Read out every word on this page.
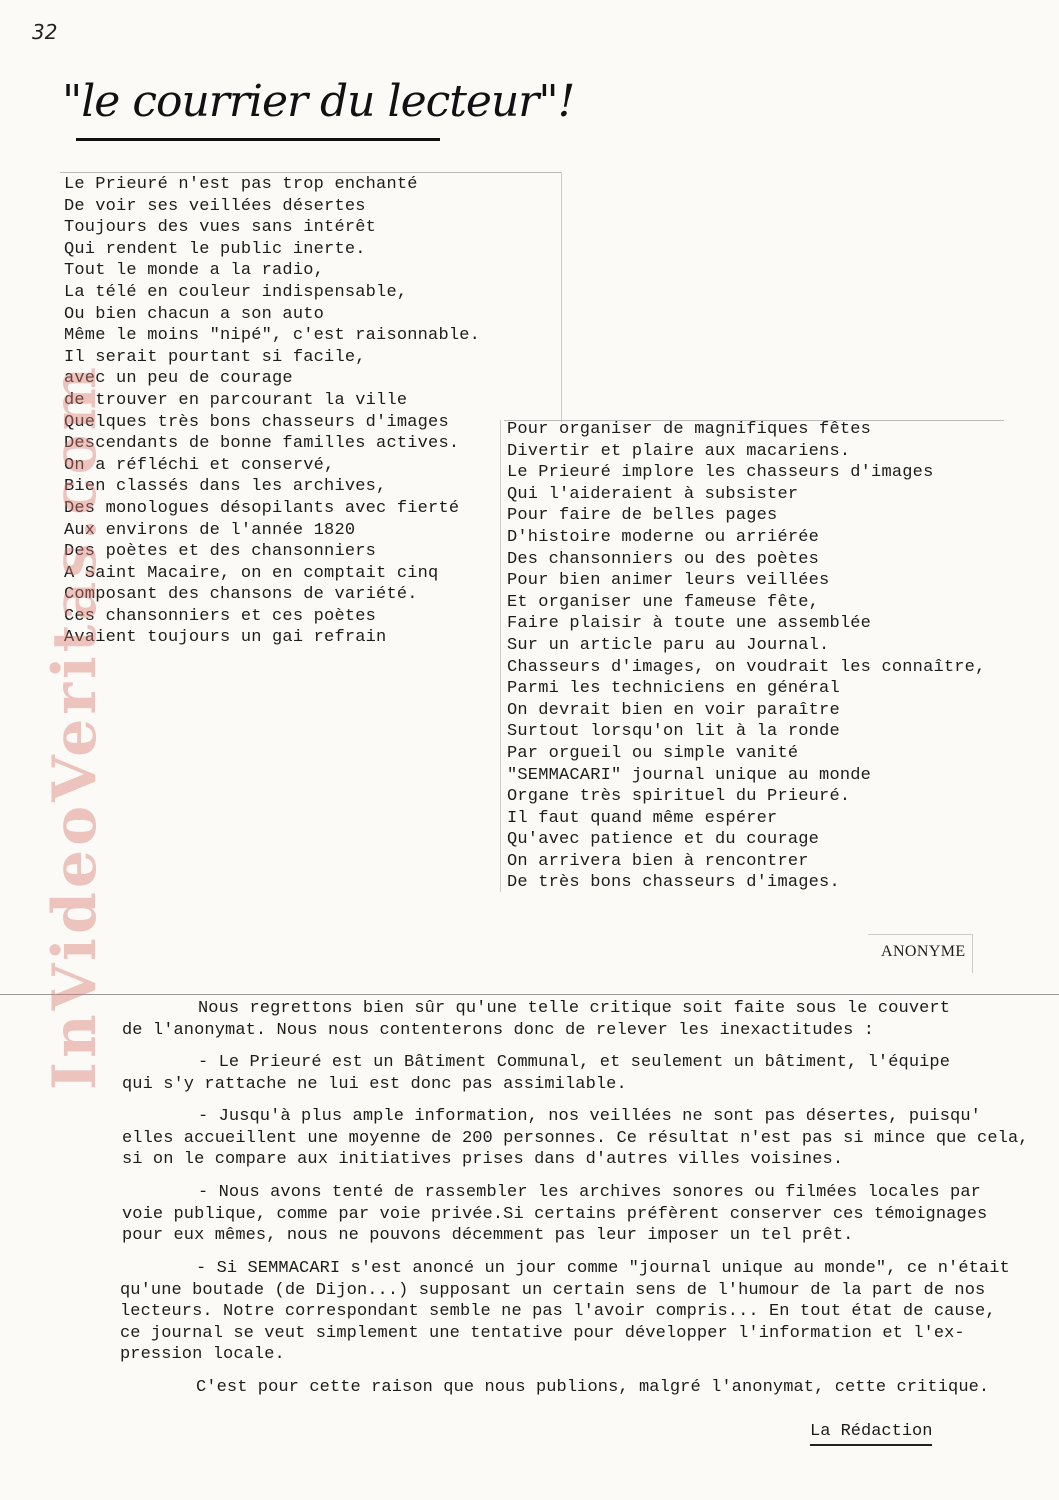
32
"le courrier du lecteur"!
Le Prieuré n'est pas trop enchanté
De voir ses veillées désertes
Toujours des vues sans intérêt
Qui rendent le public inerte.
Tout le monde a la radio,
La télé en couleur indispensable,
Ou bien chacun a son auto
Même le moins "nipé", c'est raisonnable.
Il serait pourtant si facile,
avec un peu de courage
de trouver en parcourant la ville
Quelques très bons chasseurs d'images
Descendants de bonne familles actives.
On a réfléchi et conservé,
Bien classés dans les archives,
Des monologues désopilants avec fierté
Aux environs de l'année 1820
Des poètes et des chansonniers
A Saint Macaire, on en comptait cinq
Composant des chansons de variété.
Ces chansonniers et ces poètes
Avaient toujours un gai refrain
Pour organiser de magnifiques fêtes
Divertir et plaire aux macariens.
Le Prieuré implore les chasseurs d'images
Qui l'aideraient à subsister
Pour faire de belles pages
D'histoire moderne ou arriérée
Des chansonniers ou des poètes
Pour bien animer leurs veillées
Et organiser une fameuse fête,
Faire plaisir à toute une assemblée
Sur un article paru au Journal.
Chasseurs d'images, on voudrait les connaître,
Parmi les techniciens en général
On devrait bien en voir paraître
Surtout lorsqu'on lit à la ronde
Par orgueil ou simple vanité
"SEMMACARI" journal unique au monde
Organe très spirituel du Prieuré.
Il faut quand même espérer
Qu'avec patience et du courage
On arrivera bien à rencontrer
De très bons chasseurs d'images.
ANONYME
InVideoVeritas.com	Nous regrettons bien sûr qu'une telle critique soit faite sous le couvert
de l'anonymat. Nous nous contenterons donc de relever les inexactitudes :
- Le Prieuré est un Bâtiment Communal, et seulement un bâtiment, l'équipe
qui s'y rattache ne lui est donc pas assimilable.
- Jusqu'à plus ample information, nos veillées ne sont pas désertes, puisqu'
elles accueillent une moyenne de 200 personnes. Ce résultat n'est pas si mince que cela,
si on le compare aux initiatives prises dans d'autres villes voisines.
- Nous avons tenté de rassembler les archives sonores ou filmées locales par
voie publique, comme par voie privée.Si certains préfèrent conserver ces témoignages
pour eux mêmes, nous ne pouvons décemment pas leur imposer un tel prêt.
- Si SEMMACARI s'est anoncé un jour comme "journal unique au monde", ce n'était
qu'une boutade (de Dijon...) supposant un certain sens de l'humour de la part de nos
lecteurs. Notre correspondant semble ne pas l'avoir compris... En tout état de cause,
ce journal se veut simplement une tentative pour développer l'information et l'ex-
pression locale.
C'est pour cette raison que nous publions, malgré l'anonymat, cette critique.
La Rédaction
